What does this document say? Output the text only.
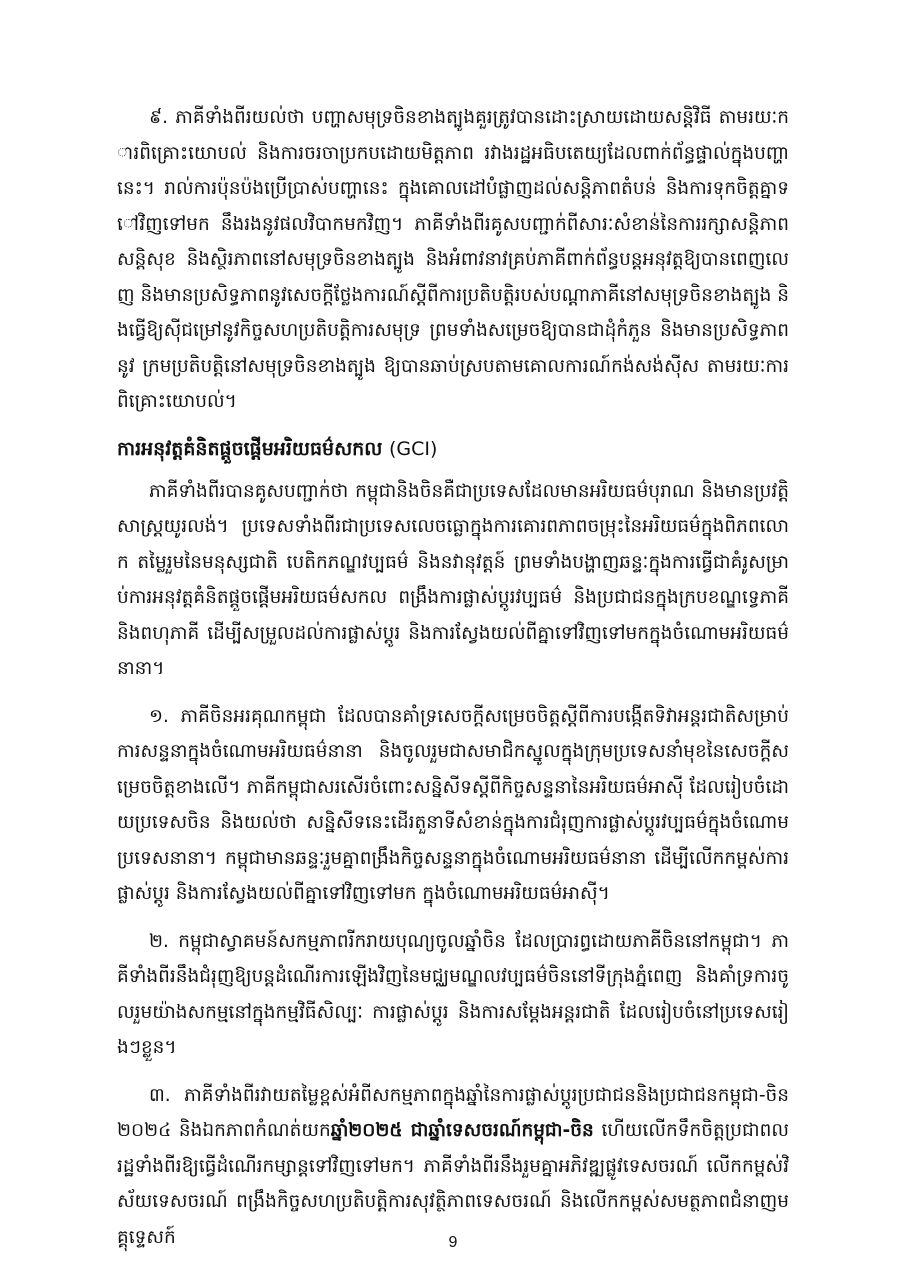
៩. ភាគីទាំងពីរយល់ថា បញ្ហាសមុទ្រចិនខាងត្បូងគួរត្រូវបានដោះស្រាយដោយសន្តិវិធី តាមរយៈការពិគ្រោះយោបល់ និងការចរចាប្រកបដោយមិត្តភាព រវាងរដ្ឋអធិបតេយ្យដែលពាក់ព័ន្ធផ្ទាល់ក្នុងបញ្ហានេះ។ រាល់ការប៉ុនប៉ងប្រើប្រាស់បញ្ហានេះ ក្នុងគោលដៅបំផ្លាញដល់សន្តិភាពតំបន់ និងការទុកចិត្តគ្នាទៅវិញទៅមក នឹងរងនូវផលវិបាកមកវិញ។ ភាគីទាំងពីរគូសបញ្ជាក់ពីសារៈសំខាន់នៃការរក្សាសន្តិភាព សន្តិសុខ និងស្ថិរភាពនៅសមុទ្រចិនខាងត្បូង និងអំពាវនាវគ្រប់ភាគីពាក់ព័ន្ធបន្តអនុវត្តឱ្យបានពេញលេញ និងមានប្រសិទ្ធភាពនូវសេចក្តីថ្លែងការណ៍ស្តីពីការប្រតិបត្តិរបស់បណ្តាភាគីនៅសមុទ្រចិនខាងត្បូង និងធ្វើឱ្យស៊ីជម្រៅនូវកិច្ចសហប្រតិបត្តិការសមុទ្រ ព្រមទាំងសម្រេចឱ្យបានជាដុំកំភួន និងមានប្រសិទ្ធភាពនូវ ក្រមប្រតិបត្តិនៅសមុទ្រចិនខាងត្បូង ឱ្យបានឆាប់ស្របតាមគោលការណ៍កង់សង់ស៊ីស តាមរយៈការពិគ្រោះយោបល់។

ការអនុវត្តគំនិតផ្តួចផ្តើមអរិយធម៌សកល (GCI)

ភាគីទាំងពីរបានគូសបញ្ជាក់ថា កម្ពុជានិងចិនគឺជាប្រទេសដែលមានអរិយធម៌បុរាណ និងមានប្រវត្តិសាស្ត្រយូរលង់។ ប្រទេសទាំងពីរជាប្រទេសលេចធ្លោក្នុងការគោរពភាពចម្រុះនៃអរិយធម៌ក្នុងពិភពលោក តម្លៃរួមនៃមនុស្សជាតិ បេតិកភណ្ឌវប្បធម៌ និងនវានុវត្តន៍ ព្រមទាំងបង្ហាញឆន្ទៈក្នុងការធ្វើជាគំរូសម្រាប់ការអនុវត្តគំនិតផ្តួចផ្តើមអរិយធម៌សកល ពង្រឹងការផ្លាស់ប្តូរវប្បធម៌ និងប្រជាជនក្នុងក្របខណ្ឌទ្វេភាគី និងពហុភាគី ដើម្បីសម្រួលដល់ការផ្លាស់ប្តូរ និងការស្វែងយល់ពីគ្នាទៅវិញទៅមកក្នុងចំណោមអរិយធម៌នានា។

១. ភាគីចិនអរគុណកម្ពុជា ដែលបានគាំទ្រសេចក្តីសម្រេចចិត្តស្តីពីការបង្កើតទិវាអន្តរជាតិសម្រាប់ការសន្ទនាក្នុងចំណោមអរិយធម៌នានា និងចូលរួមជាសមាជិកស្នូលក្នុងក្រុមប្រទេសនាំមុខនៃសេចក្តីសម្រេចចិត្តខាងលើ។ ភាគីកម្ពុជាសរសើរចំពោះសន្និសីទស្តីពីកិច្ចសន្ទនានៃអរិយធម៌អាស៊ី ដែលរៀបចំដោយប្រទេសចិន និងយល់ថា សន្និសីទនេះដើរតួនាទីសំខាន់ក្នុងការជំរុញការផ្លាស់ប្តូរវប្បធម៌ក្នុងចំណោមប្រទេសនានា។ កម្ពុជាមានឆន្ទៈរួមគ្នាពង្រឹងកិច្ចសន្ទនាក្នុងចំណោមអរិយធម៌នានា ដើម្បីលើកកម្ពស់ការផ្លាស់ប្តូរ និងការស្វែងយល់ពីគ្នាទៅវិញទៅមក ក្នុងចំណោមអរិយធម៌អាស៊ី។

២. កម្ពុជាស្វាគមន៍សកម្មភាពរីករាយបុណ្យចូលឆ្នាំចិន ដែលប្រារព្ធដោយភាគីចិននៅកម្ពុជា។ ភាគីទាំងពីរនឹងជំរុញឱ្យបន្តដំណើរការឡើងវិញនៃមជ្ឈមណ្ឌលវប្បធម៌ចិននៅទីក្រុងភ្នំពេញ និងគាំទ្រការចូលរួមយ៉ាងសកម្មនៅក្នុងកម្មវិធីសិល្បៈ ការផ្លាស់ប្តូរ និងការសម្តែងអន្តរជាតិ ដែលរៀបចំនៅប្រទេសរៀងៗខ្លួន។

៣. ភាគីទាំងពីរវាយតម្លៃខ្ពស់អំពីសកម្មភាពក្នុងឆ្នាំនៃការផ្លាស់ប្តូរប្រជាជននិងប្រជាជនកម្ពុជា-ចិន ២០២៤ និងឯកភាពកំណត់យកឆ្នាំ២០២៥ ជាឆ្នាំទេសចរណ៍កម្ពុជា-ចិន ហើយលើកទឹកចិត្តប្រជាពលរដ្ឋទាំងពីរឱ្យធ្វើដំណើរកម្សាន្តទៅវិញទៅមក។ ភាគីទាំងពីរនឹងរួមគ្នាអភិវឌ្ឍផ្លូវទេសចរណ៍ លើកកម្ពស់វិស័យទេសចរណ៍ ពង្រឹងកិច្ចសហប្រតិបត្តិការសុវត្ថិភាពទេសចរណ៍ និងលើកកម្ពស់សមត្ថភាពជំនាញមគ្គុទ្ទេសក៍	9
